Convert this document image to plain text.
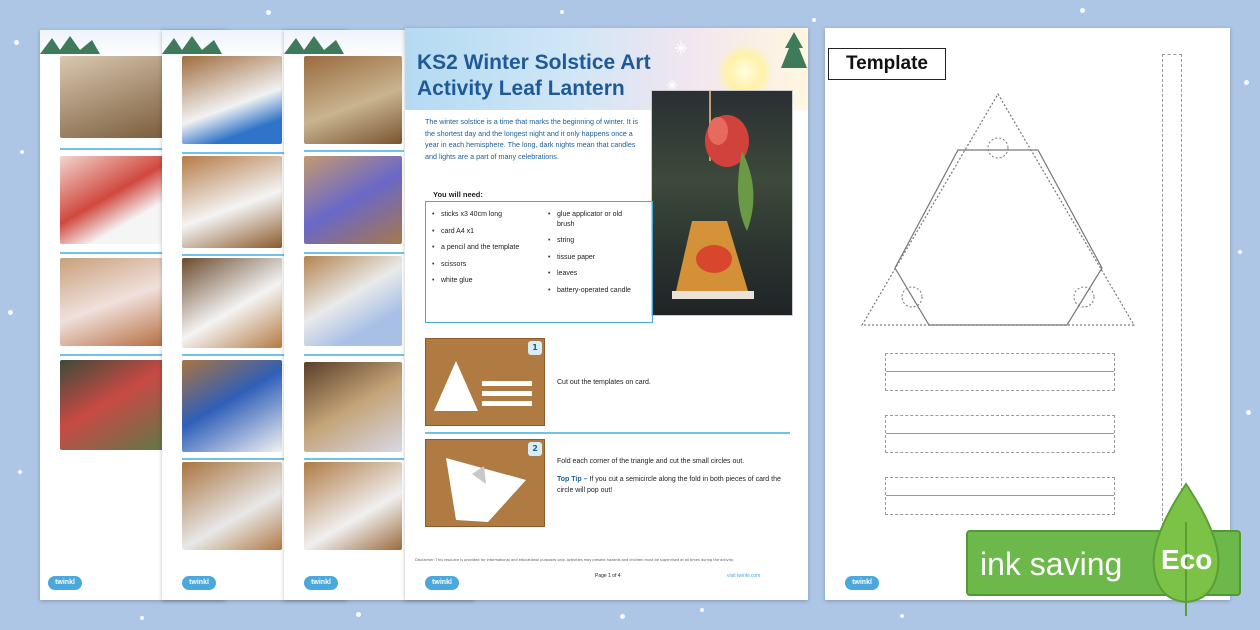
twinkl	twinkl	twinkl
KS2 Winter Solstice Art
Activity Leaf Lantern
The winter solstice is a time that marks the beginning of winter. It is the shortest day and the longest night and it only happens once a year in each hemisphere. The long, dark nights mean that candles and lights are a part of many celebrations.
You will need:
• sticks x3 40cm long
• card A4 x1
• a pencil and the template
• scissors
• white glue
• glue applicator or old brush
• string
• tissue paper
• leaves
• battery-operated candle
1
Cut out the templates on card.
2
Fold each corner of the triangle and cut the small circles out.
Top Tip – If you cut a semicircle along the fold in both pieces of card the circle will pop out!
Disclaimer: This resource is provided for informational and educational purposes only. Activities may present hazards and children must be supervised at all times during the activity.
Page 1 of 4	visit twinkl.com
twinkl
Template
twinkl
ink saving Eco
